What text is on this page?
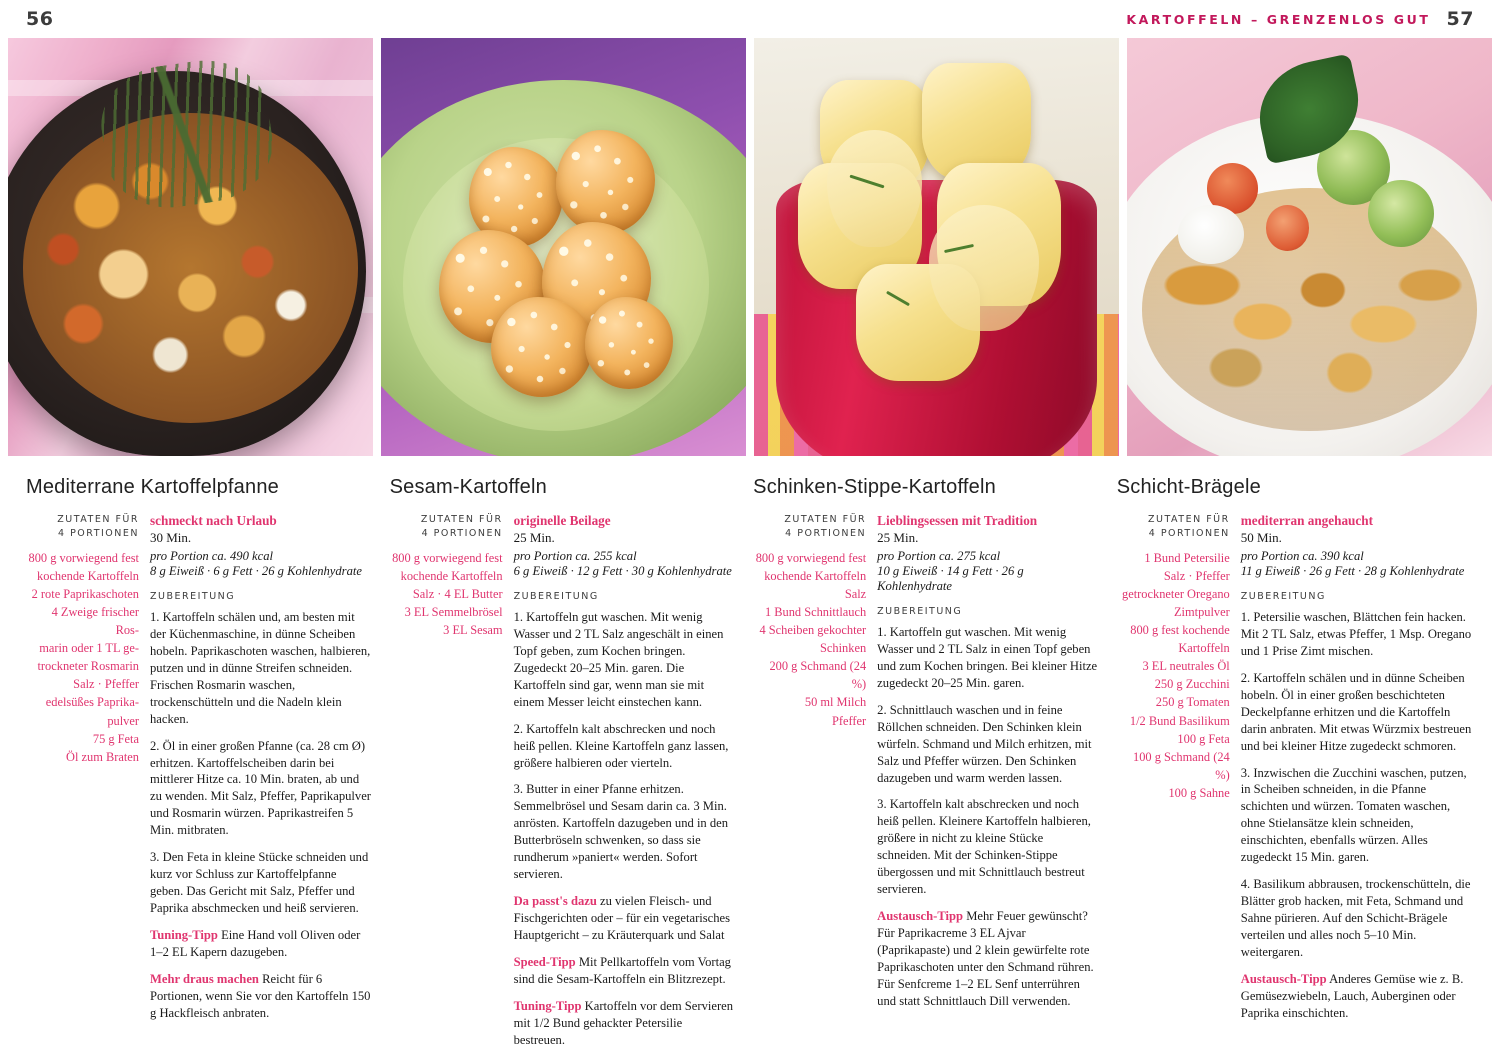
56	KARTOFFELN – GRENZENLOS GUT 57
Mediterrane Kartoffelpfanne
ZUTATEN FÜR
4 PORTIONEN
800 g vorwiegend fest
kochende Kartoffeln
2 rote Paprikaschoten
4 Zweige frischer Ros-
marin oder 1 TL ge-
trockneter Rosmarin
Salz · Pfeffer
edelsüßes Paprika-
pulver
75 g Feta
Öl zum Braten

schmeckt nach Urlaub

30 Min.

pro Portion ca. 490 kcal

8 g Eiweiß · 6 g Fett · 26 g Kohlenhydrate

ZUBEREITUNG

1. Kartoffeln schälen und, am besten mit der Küchenmaschine, in dünne Scheiben hobeln. Paprikaschoten waschen, halbieren, putzen und in dünne Streifen schneiden. Frischen Rosmarin waschen, trockenschütteln und die Nadeln klein hacken.

2. Öl in einer großen Pfanne (ca. 28 cm Ø) erhitzen. Kartoffelscheiben darin bei mittlerer Hitze ca. 10 Min. braten, ab und zu wenden. Mit Salz, Pfeffer, Paprikapulver und Rosmarin würzen. Paprikastreifen 5 Min. mitbraten.

3. Den Feta in kleine Stücke schneiden und kurz vor Schluss zur Kartoffelpfanne geben. Das Gericht mit Salz, Pfeffer und Paprika abschmecken und heiß servieren.

Tuning-Tipp Eine Hand voll Oliven oder 1–2 EL Kapern dazugeben.

Mehr draus machen Reicht für 6 Portionen, wenn Sie vor den Kartoffeln 150 g Hackfleisch anbraten.

Sesam-Kartoffeln
ZUTATEN FÜR
4 PORTIONEN
800 g vorwiegend fest
kochende Kartoffeln
Salz · 4 EL Butter
3 EL Semmelbrösel
3 EL Sesam

originelle Beilage

25 Min.

pro Portion ca. 255 kcal

6 g Eiweiß · 12 g Fett · 30 g Kohlenhydrate

ZUBEREITUNG

1. Kartoffeln gut waschen. Mit wenig Wasser und 2 TL Salz angeschält in einen Topf geben, zum Kochen bringen. Zugedeckt 20–25 Min. garen. Die Kartoffeln sind gar, wenn man sie mit einem Messer leicht einstechen kann.

2. Kartoffeln kalt abschrecken und noch heiß pellen. Kleine Kartoffeln ganz lassen, größere halbieren oder vierteln.

3. Butter in einer Pfanne erhitzen. Semmelbrösel und Sesam darin ca. 3 Min. anrösten. Kartoffeln dazugeben und in den Butterbröseln schwenken, so dass sie rundherum »paniert« werden. Sofort servieren.

Da passt's dazu zu vielen Fleisch- und Fischgerichten oder – für ein vegetarisches Hauptgericht – zu Kräuterquark und Salat

Speed-Tipp Mit Pellkartoffeln vom Vortag sind die Sesam-Kartoffeln ein Blitzrezept.

Tuning-Tipp Kartoffeln vor dem Servieren mit 1/2 Bund gehackter Petersilie bestreuen.

Schinken-Stippe-Kartoffeln
ZUTATEN FÜR
4 PORTIONEN
800 g vorwiegend fest
kochende Kartoffeln
Salz
1 Bund Schnittlauch
4 Scheiben gekochter
Schinken
200 g Schmand (24 %)
50 ml Milch
Pfeffer

Lieblingsessen mit Tradition

25 Min.

pro Portion ca. 275 kcal

10 g Eiweiß · 14 g Fett · 26 g Kohlenhydrate

ZUBEREITUNG

1. Kartoffeln gut waschen. Mit wenig Wasser und 2 TL Salz in einen Topf geben und zum Kochen bringen. Bei kleiner Hitze zugedeckt 20–25 Min. garen.

2. Schnittlauch waschen und in feine Röllchen schneiden. Den Schinken klein würfeln. Schmand und Milch erhitzen, mit Salz und Pfeffer würzen. Den Schinken dazugeben und warm werden lassen.

3. Kartoffeln kalt abschrecken und noch heiß pellen. Kleinere Kartoffeln halbieren, größere in nicht zu kleine Stücke schneiden. Mit der Schinken-Stippe übergossen und mit Schnittlauch bestreut servieren.

Austausch-Tipp Mehr Feuer gewünscht? Für Paprikacreme 3 EL Ajvar (Paprikapaste) und 2 klein gewürfelte rote Paprikaschoten unter den Schmand rühren. Für Senfcreme 1–2 EL Senf unterrühren und statt Schnittlauch Dill verwenden.

Schicht-Brägele
ZUTATEN FÜR
4 PORTIONEN
1 Bund Petersilie
Salz · Pfeffer
getrockneter Oregano
Zimtpulver
800 g fest kochende
Kartoffeln
3 EL neutrales Öl
250 g Zucchini
250 g Tomaten
1/2 Bund Basilikum
100 g Feta
100 g Schmand (24 %)
100 g Sahne

mediterran angehaucht

50 Min.

pro Portion ca. 390 kcal

11 g Eiweiß · 26 g Fett · 28 g Kohlenhydrate

ZUBEREITUNG

1. Petersilie waschen, Blättchen fein hacken. Mit 2 TL Salz, etwas Pfeffer, 1 Msp. Oregano und 1 Prise Zimt mischen.

2. Kartoffeln schälen und in dünne Scheiben hobeln. Öl in einer großen beschichteten Deckelpfanne erhitzen und die Kartoffeln darin anbraten. Mit etwas Würzmix bestreuen und bei kleiner Hitze zugedeckt schmoren.

3. Inzwischen die Zucchini waschen, putzen, in Scheiben schneiden, in die Pfanne schichten und würzen. Tomaten waschen, ohne Stielansätze klein schneiden, einschichten, ebenfalls würzen. Alles zugedeckt 15 Min. garen.

4. Basilikum abbrausen, trockenschütteln, die Blätter grob hacken, mit Feta, Schmand und Sahne pürieren. Auf den Schicht-Brägele verteilen und alles noch 5–10 Min. weitergaren.

Austausch-Tipp Anderes Gemüse wie z. B. Gemüsezwiebeln, Lauch, Auberginen oder Paprika einschichten.
